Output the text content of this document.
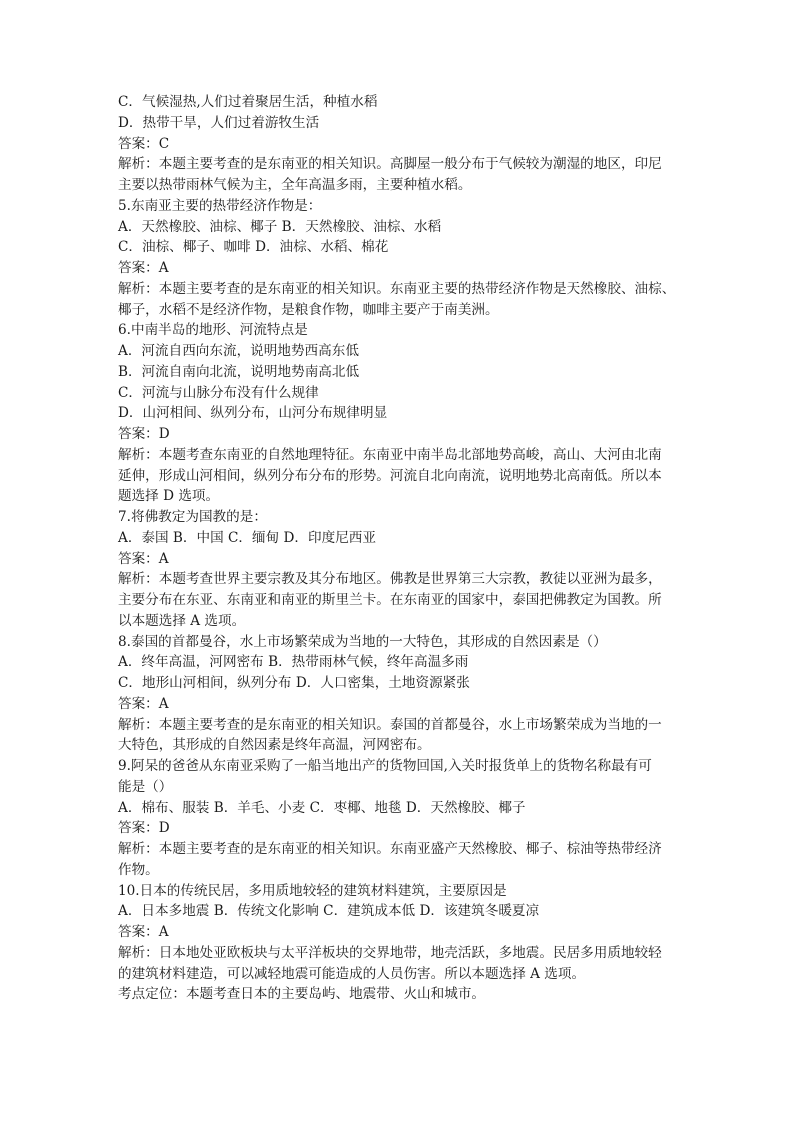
C．气候湿热,人们过着聚居生活，种植水稻
D．热带干旱，人们过着游牧生活
答案：C
解析：本题主要考查的是东南亚的相关知识。高脚屋一般分布于气候较为潮湿的地区，印尼
主要以热带雨林气候为主，全年高温多雨，主要种植水稻。
5.东南亚主要的热带经济作物是：
A．天然橡胶、油棕、椰子 B．天然橡胶、油棕、水稻
C．油棕、椰子、咖啡 D．油棕、水稻、棉花
答案：A
解析：本题主要考查的是东南亚的相关知识。东南亚主要的热带经济作物是天然橡胶、油棕、
椰子，水稻不是经济作物，是粮食作物，咖啡主要产于南美洲。
6.中南半岛的地形、河流特点是
A．河流自西向东流，说明地势西高东低
B．河流自南向北流，说明地势南高北低
C．河流与山脉分布没有什么规律
D．山河相间、纵列分布，山河分布规律明显
答案：D
解析：本题考查东南亚的自然地理特征。东南亚中南半岛北部地势高峻，高山、大河由北南
延伸，形成山河相间，纵列分布分布的形势。河流自北向南流，说明地势北高南低。所以本
题选择 D 选项。
7.将佛教定为国教的是：
A．泰国 B．中国 C．缅甸 D．印度尼西亚
答案：A
解析：本题考查世界主要宗教及其分布地区。佛教是世界第三大宗教，教徒以亚洲为最多，
主要分布在东亚、东南亚和南亚的斯里兰卡。在东南亚的国家中，泰国把佛教定为国教。所
以本题选择 A 选项。
8.泰国的首都曼谷，水上市场繁荣成为当地的一大特色，其形成的自然因素是（）
A．终年高温，河网密布 B．热带雨林气候，终年高温多雨
C．地形山河相间，纵列分布 D．人口密集，土地资源紧张
答案：A
解析：本题主要考查的是东南亚的相关知识。泰国的首都曼谷，水上市场繁荣成为当地的一
大特色，其形成的自然因素是终年高温，河网密布。
9.阿呆的爸爸从东南亚采购了一船当地出产的货物回国,入关时报货单上的货物名称最有可
能是（）
A．棉布、服装 B．羊毛、小麦 C．枣椰、地毯 D．天然橡胶、椰子
答案：D
解析：本题主要考查的是东南亚的相关知识。东南亚盛产天然橡胶、椰子、棕油等热带经济
作物。
10.日本的传统民居，多用质地较轻的建筑材料建筑，主要原因是
A．日本多地震 B．传统文化影响 C．建筑成本低 D．该建筑冬暖夏凉
答案：A
解析：日本地处亚欧板块与太平洋板块的交界地带，地壳活跃，多地震。民居多用质地较轻
的建筑材料建造，可以减轻地震可能造成的人员伤害。所以本题选择 A 选项。
考点定位：本题考查日本的主要岛屿、地震带、火山和城市。
